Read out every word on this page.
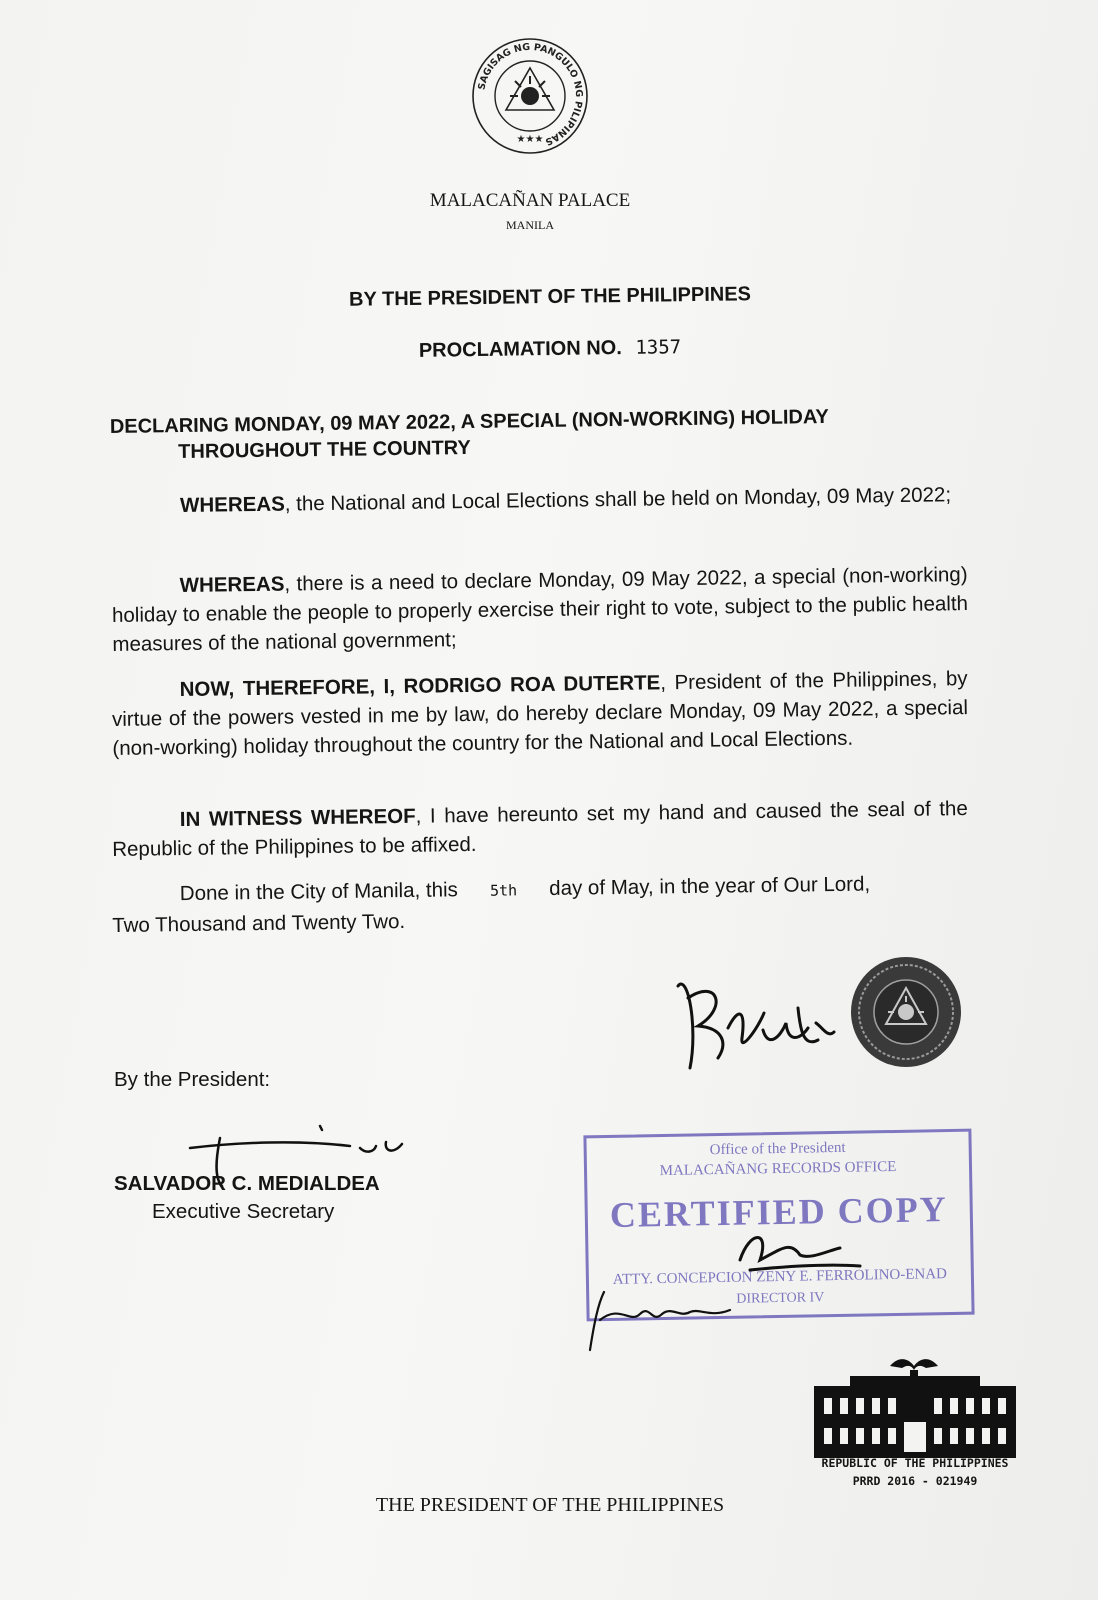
SAGISAG NG PANGULO NG PILIPINAS
★★★
MALACAÑAN PALACE
MANILA
BY THE PRESIDENT OF THE PHILIPPINES
PROCLAMATION NO. 1357
DECLARING MONDAY, 09 MAY 2022, A SPECIAL (NON-WORKING) HOLIDAY
THROUGHOUT THE COUNTRY
WHEREAS, the National and Local Elections shall be held on Monday, 09 May 2022;
WHEREAS, there is a need to declare Monday, 09 May 2022, a special (non-working) holiday to enable the people to properly exercise their right to vote, subject to the public health measures of the national government;
NOW, THEREFORE, I, RODRIGO ROA DUTERTE, President of the Philippines, by virtue of the powers vested in me by law, do hereby declare Monday, 09 May 2022, a special (non-working) holiday throughout the country for the National and Local Elections.
IN WITNESS WHEREOF, I have hereunto set my hand and caused the seal of the Republic of the Philippines to be affixed.
Done in the City of Manila, this 5th day of May, in the year of Our Lord,
Two Thousand and Twenty Two.
By the President:
SALVADOR C. MEDIALDEA
Executive Secretary
Office of the President
MALACAÑANG RECORDS OFFICE
CERTIFIED COPY
ATTY. CONCEPCION ZENY E. FERROLINO-ENAD
DIRECTOR IV
REPUBLIC OF THE PHILIPPINES
PRRD 2016 - 021949
THE PRESIDENT OF THE PHILIPPINES
